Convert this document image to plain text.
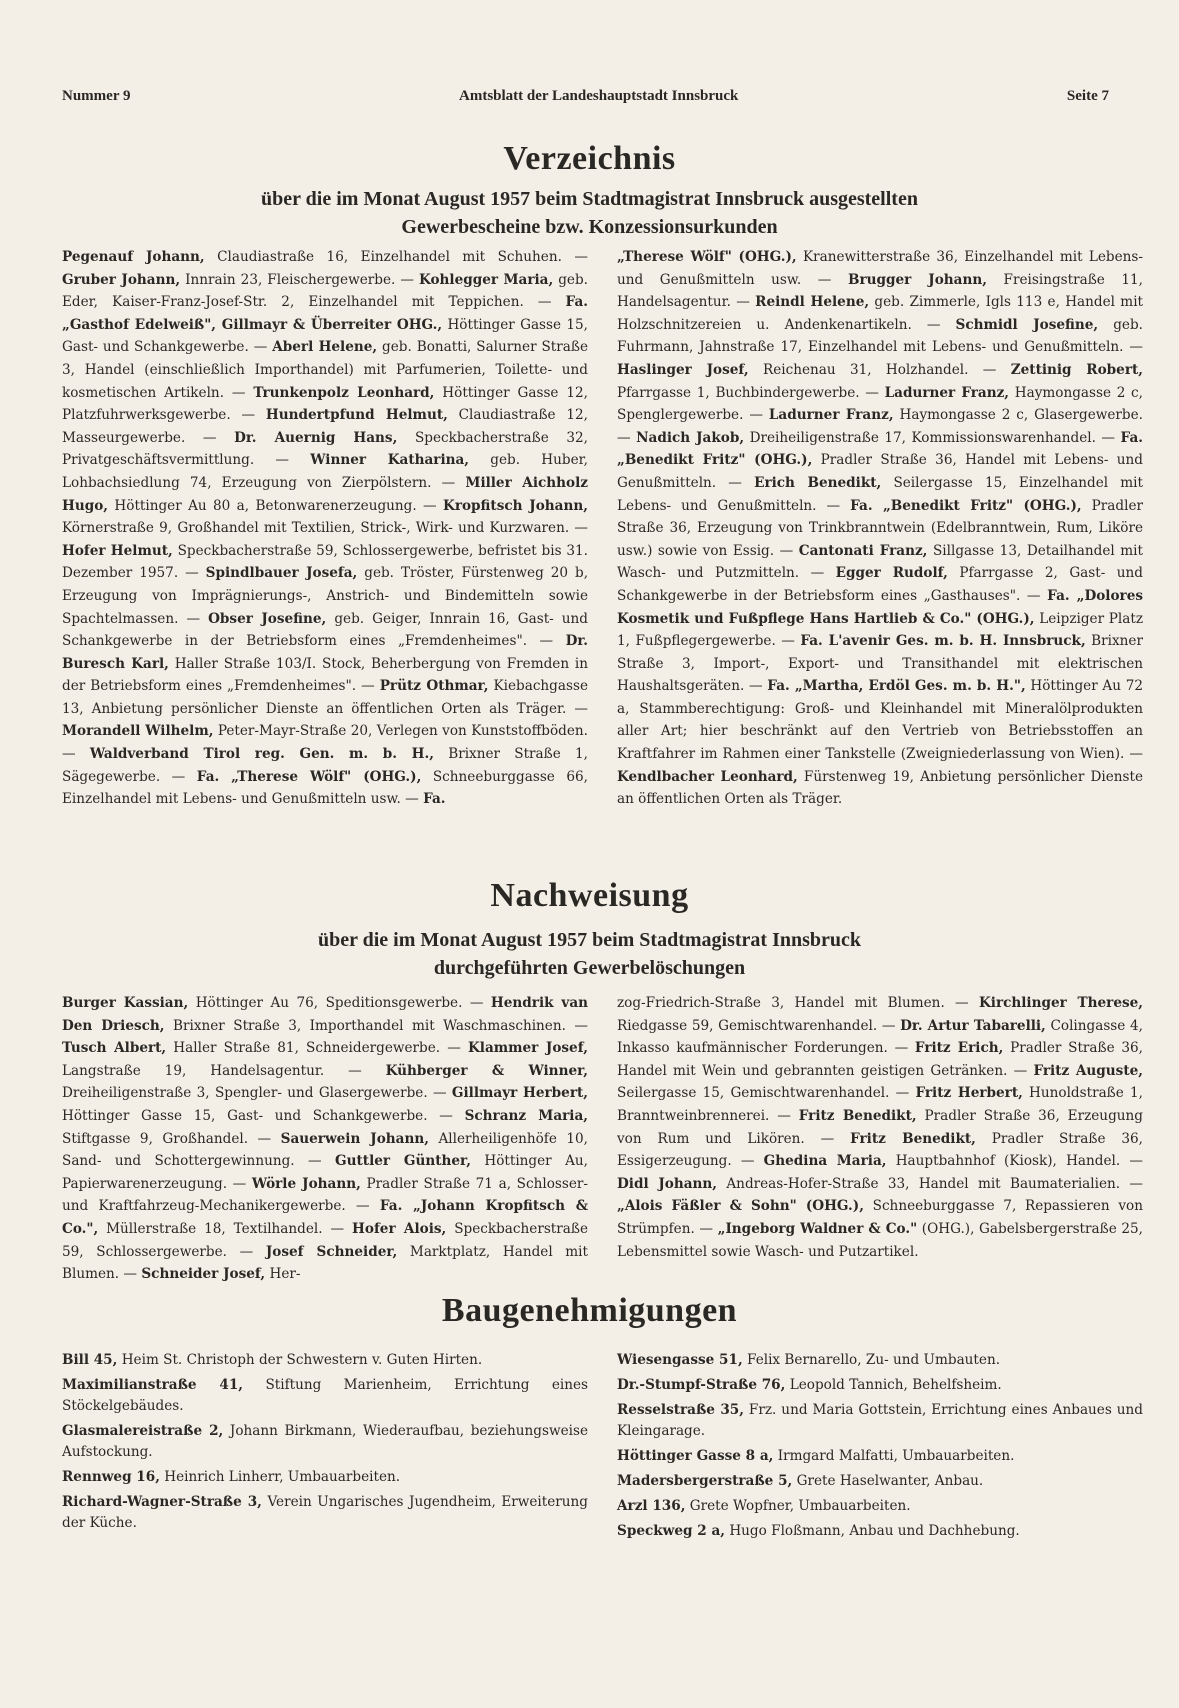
Nummer 9	Amtsblatt der Landeshauptstadt Innsbruck	Seite 7
Verzeichnis

über die im Monat August 1957 beim Stadtmagistrat Innsbruck ausgestellten

Gewerbescheine bzw. Konzessionsurkunden

Pegenauf Johann, Claudiastraße 16, Einzelhandel mit Schuhen. — Gruber Johann, Innrain 23, Fleischergewerbe. — Kohlegger Maria, geb. Eder, Kaiser-Franz-Josef-Str. 2, Einzelhandel mit Teppichen. — Fa. „Gasthof Edelweiß", Gillmayr & Überreiter OHG., Höttinger Gasse 15, Gast- und Schankgewerbe. — Aberl Helene, geb. Bonatti, Salurner Straße 3, Handel (einschließlich Importhandel) mit Parfumerien, Toilette- und kosmetischen Artikeln. — Trunkenpolz Leonhard, Höttinger Gasse 12, Platzfuhrwerksgewerbe. — Hundertpfund Helmut, Claudiastraße 12, Masseurgewerbe. — Dr. Auernig Hans, Speckbacherstraße 32, Privatgeschäftsvermittlung. — Winner Katharina, geb. Huber, Lohbachsiedlung 74, Erzeugung von Zierpölstern. — Miller Aichholz Hugo, Höttinger Au 80 a, Betonwarenerzeugung. — Kropfitsch Johann, Körnerstraße 9, Großhandel mit Textilien, Strick-, Wirk- und Kurzwaren. — Hofer Helmut, Speckbacherstraße 59, Schlossergewerbe, befristet bis 31. Dezember 1957. — Spindlbauer Josefa, geb. Tröster, Fürstenweg 20 b, Erzeugung von Imprägnierungs-, Anstrich- und Bindemitteln sowie Spachtelmassen. — Obser Josefine, geb. Geiger, Innrain 16, Gast- und Schankgewerbe in der Betriebsform eines „Fremdenheimes". — Dr. Buresch Karl, Haller Straße 103/I. Stock, Beherbergung von Fremden in der Betriebsform eines „Fremdenheimes". — Prütz Othmar, Kiebachgasse 13, Anbietung persönlicher Dienste an öffentlichen Orten als Träger. — Morandell Wilhelm, Peter-Mayr-Straße 20, Verlegen von Kunststoffböden. — Waldverband Tirol reg. Gen. m. b. H., Brixner Straße 1, Sägegewerbe. — Fa. „Therese Wölf" (OHG.), Schneeburggasse 66, Einzelhandel mit Lebens- und Genußmitteln usw. — Fa.
„Therese Wölf" (OHG.), Kranewitterstraße 36, Einzelhandel mit Lebens- und Genußmitteln usw. — Brugger Johann, Freisingstraße 11, Handelsagentur. — Reindl Helene, geb. Zimmerle, Igls 113 e, Handel mit Holzschnitzereien u. Andenkenartikeln. — Schmidl Josefine, geb. Fuhrmann, Jahnstraße 17, Einzelhandel mit Lebens- und Genußmitteln. — Haslinger Josef, Reichenau 31, Holzhandel. — Zettinig Robert, Pfarrgasse 1, Buchbindergewerbe. — Ladurner Franz, Haymongasse 2 c, Spenglergewerbe. — Ladurner Franz, Haymongasse 2 c, Glasergewerbe. — Nadich Jakob, Dreiheiligenstraße 17, Kommissionswarenhandel. — Fa. „Benedikt Fritz" (OHG.), Pradler Straße 36, Handel mit Lebens- und Genußmitteln. — Erich Benedikt, Seilergasse 15, Einzelhandel mit Lebens- und Genußmitteln. — Fa. „Benedikt Fritz" (OHG.), Pradler Straße 36, Erzeugung von Trinkbranntwein (Edelbranntwein, Rum, Liköre usw.) sowie von Essig. — Cantonati Franz, Sillgasse 13, Detailhandel mit Wasch- und Putzmitteln. — Egger Rudolf, Pfarrgasse 2, Gast- und Schankgewerbe in der Betriebsform eines „Gasthauses". — Fa. „Dolores Kosmetik und Fußpflege Hans Hartlieb & Co." (OHG.), Leipziger Platz 1, Fußpflegergewerbe. — Fa. L'avenir Ges. m. b. H. Innsbruck, Brixner Straße 3, Import-, Export- und Transithandel mit elektrischen Haushaltsgeräten. — Fa. „Martha, Erdöl Ges. m. b. H.", Höttinger Au 72 a, Stammberechtigung: Groß- und Kleinhandel mit Mineralölprodukten aller Art; hier beschränkt auf den Vertrieb von Betriebsstoffen an Kraftfahrer im Rahmen einer Tankstelle (Zweigniederlassung von Wien). — Kendlbacher Leonhard, Fürstenweg 19, Anbietung persönlicher Dienste an öffentlichen Orten als Träger.
Nachweisung

über die im Monat August 1957 beim Stadtmagistrat Innsbruck

durchgeführten Gewerbelöschungen

Burger Kassian, Höttinger Au 76, Speditionsgewerbe. — Hendrik van Den Driesch, Brixner Straße 3, Importhandel mit Waschmaschinen. — Tusch Albert, Haller Straße 81, Schneidergewerbe. — Klammer Josef, Langstraße 19, Handelsagentur. — Kühberger & Winner, Dreiheiligenstraße 3, Spengler- und Glasergewerbe. — Gillmayr Herbert, Höttinger Gasse 15, Gast- und Schankgewerbe. — Schranz Maria, Stiftgasse 9, Großhandel. — Sauerwein Johann, Allerheiligenhöfe 10, Sand- und Schottergewinnung. — Guttler Günther, Höttinger Au, Papierwarenerzeugung. — Wörle Johann, Pradler Straße 71 a, Schlosser- und Kraftfahrzeug-Mechanikergewerbe. — Fa. „Johann Kropfitsch & Co.", Müllerstraße 18, Textilhandel. — Hofer Alois, Speckbacherstraße 59, Schlossergewerbe. — Josef Schneider, Marktplatz, Handel mit Blumen. — Schneider Josef, Her-
zog-Friedrich-Straße 3, Handel mit Blumen. — Kirchlinger Therese, Riedgasse 59, Gemischtwarenhandel. — Dr. Artur Tabarelli, Colingasse 4, Inkasso kaufmännischer Forderungen. — Fritz Erich, Pradler Straße 36, Handel mit Wein und gebrannten geistigen Getränken. — Fritz Auguste, Seilergasse 15, Gemischtwarenhandel. — Fritz Herbert, Hunoldstraße 1, Branntweinbrennerei. — Fritz Benedikt, Pradler Straße 36, Erzeugung von Rum und Likören. — Fritz Benedikt, Pradler Straße 36, Essigerzeugung. — Ghedina Maria, Hauptbahnhof (Kiosk), Handel. — Didl Johann, Andreas-Hofer-Straße 33, Handel mit Baumaterialien. — „Alois Fäßler & Sohn" (OHG.), Schneeburggasse 7, Repassieren von Strümpfen. — „Ingeborg Waldner & Co." (OHG.), Gabelsbergerstraße 25, Lebensmittel sowie Wasch- und Putzartikel.
Baugenehmigungen

Bill 45, Heim St. Christoph der Schwestern v. Guten Hirten.

Maximilianstraße 41, Stiftung Marienheim, Errichtung eines Stöckelgebäudes.

Glasmalereistraße 2, Johann Birkmann, Wiederaufbau, beziehungsweise Aufstockung.

Rennweg 16, Heinrich Linherr, Umbauarbeiten.

Richard-Wagner-Straße 3, Verein Ungarisches Jugendheim, Erweiterung der Küche.

Wiesengasse 51, Felix Bernarello, Zu- und Umbauten.

Dr.-Stumpf-Straße 76, Leopold Tannich, Behelfsheim.

Resselstraße 35, Frz. und Maria Gottstein, Errichtung eines Anbaues und Kleingarage.

Höttinger Gasse 8 a, Irmgard Malfatti, Umbauarbeiten.

Madersbergerstraße 5, Grete Haselwanter, Anbau.

Arzl 136, Grete Wopfner, Umbauarbeiten.

Speckweg 2 a, Hugo Floßmann, Anbau und Dachhebung.
